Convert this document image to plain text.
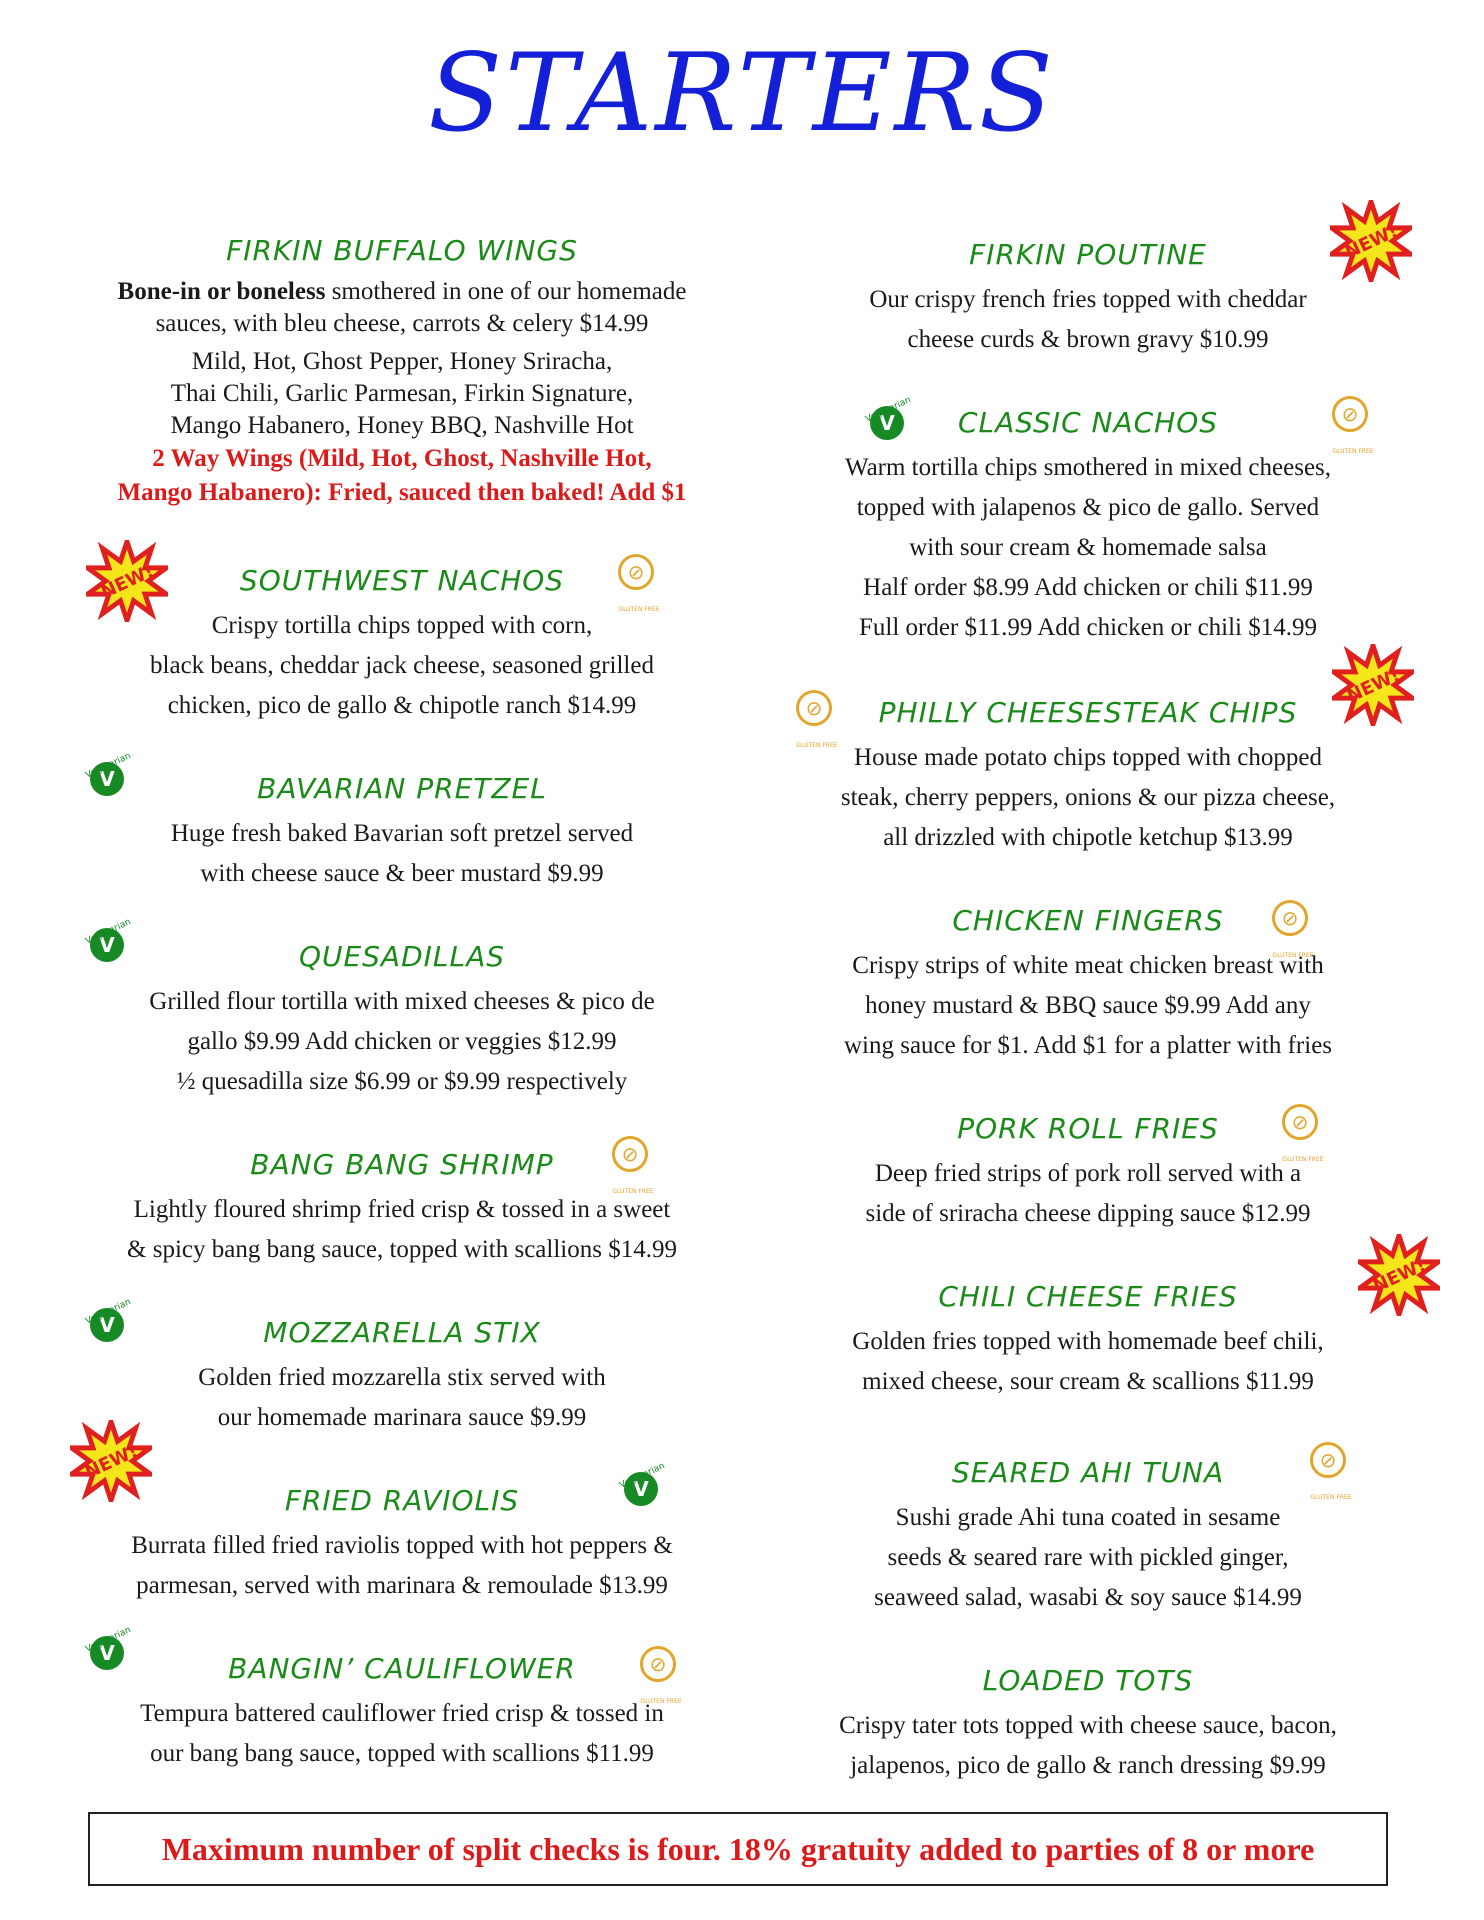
STARTERS
FIRKIN BUFFALO WINGS

Bone-in or boneless smothered in one of our homemade
sauces, with bleu cheese, carrots & celery $14.99

Mild, Hot, Ghost Pepper, Honey Sriracha,
Thai Chili, Garlic Parmesan, Firkin Signature,
Mango Habanero, Honey BBQ, Nashville Hot

2 Way Wings (Mild, Hot, Ghost, Nashville Hot,
Mango Habanero): Fried, sauced then baked! Add $1

SOUTHWEST NACHOS

Crispy tortilla chips topped with corn,
black beans, cheddar jack cheese, seasoned grilled
chicken, pico de gallo & chipotle ranch $14.99

BAVARIAN PRETZEL

Huge fresh baked Bavarian soft pretzel served
with cheese sauce & beer mustard $9.99

QUESADILLAS

Grilled flour tortilla with mixed cheeses & pico de
gallo $9.99 Add chicken or veggies $12.99
½ quesadilla size $6.99 or $9.99 respectively

BANG BANG SHRIMP

Lightly floured shrimp fried crisp & tossed in a sweet
& spicy bang bang sauce, topped with scallions $14.99

MOZZARELLA STIX

Golden fried mozzarella stix served with
our homemade marinara sauce $9.99

FRIED RAVIOLIS

Burrata filled fried raviolis topped with hot peppers &
parmesan, served with marinara & remoulade $13.99

BANGIN’ CAULIFLOWER

Tempura battered cauliflower fried crisp & tossed in
our bang bang sauce, topped with scallions $11.99

FIRKIN POUTINE

Our crispy french fries topped with cheddar
cheese curds & brown gravy $10.99

CLASSIC NACHOS

Warm tortilla chips smothered in mixed cheeses,
topped with jalapenos & pico de gallo. Served
with sour cream & homemade salsa
Half order $8.99 Add chicken or chili $11.99
Full order $11.99 Add chicken or chili $14.99

PHILLY CHEESESTEAK CHIPS

House made potato chips topped with chopped
steak, cherry peppers, onions & our pizza cheese,
all drizzled with chipotle ketchup $13.99

CHICKEN FINGERS

Crispy strips of white meat chicken breast with
honey mustard & BBQ sauce $9.99 Add any
wing sauce for $1. Add $1 for a platter with fries

PORK ROLL FRIES

Deep fried strips of pork roll served with a
side of sriracha cheese dipping sauce $12.99

CHILI CHEESE FRIES

Golden fries topped with homemade beef chili,
mixed cheese, sour cream & scallions $11.99

SEARED AHI TUNA

Sushi grade Ahi tuna coated in sesame
seeds & seared rare with pickled ginger,
seaweed salad, wasabi & soy sauce $14.99

LOADED TOTS

Crispy tater tots topped with cheese sauce, bacon,
jalapenos, pico de gallo & ranch dressing $9.99

NEW!
NEW!
NEW!
NEW!
NEW!
Vegetarian V
Vegetarian V
Vegetarian V
Vegetarian V
Vegetarian V
Vegetarian V
⊘ GLUTEN FREE
⊘ GLUTEN FREE
⊘ GLUTEN FREE
⊘ GLUTEN FREE
⊘ GLUTEN FREE
⊘ GLUTEN FREE
⊘ GLUTEN FREE
⊘ GLUTEN FREE
Maximum number of split checks is four. 18% gratuity added to parties of 8 or more
